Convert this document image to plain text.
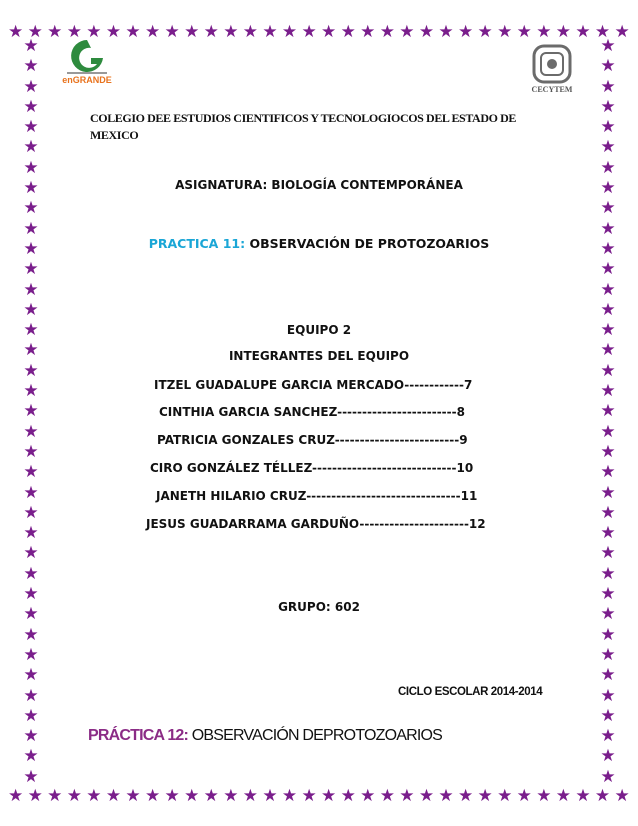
★ ★ ★ ★ ★ ★ ★ ★ ★ ★ ★ ★ ★ ★ ★ ★ ★ ★ ★ ★ ★ ★ ★ ★ ★ ★ ★ ★ ★ ★ ★ ★
★ ★ ★ ★ ★ ★ ★ ★ ★ ★ ★ ★ ★ ★ ★ ★ ★ ★ ★ ★ ★ ★ ★ ★ ★ ★ ★ ★ ★ ★ ★ ★
★
★
★
★
★
★
★
★
★
★
★
★
★
★
★
★
★
★
★
★
★
★
★
★
★
★
★
★
★
★
★
★
★
★
★
★
★
★
★
★
★
★
★
★
★
★
★
★
★
★
★
★
★
★
★
★
★
★
★
★
★
★
★
★
★
★
★
★
★
★
★
★
★
★
enGRANDE
CECYTEM
COLEGIO DEE ESTUDIOS CIENTIFICOS Y TECNOLOGIOCOS DEL ESTADO DE MEXICO
ASIGNATURA: BIOLOGÍA CONTEMPORÁNEA
PRACTICA 11: OBSERVACIÓN DE PROTOZOARIOS
EQUIPO 2
INTEGRANTES DEL EQUIPO
ITZEL GUADALUPE GARCIA MERCADO------------7
CINTHIA GARCIA SANCHEZ------------------------8
PATRICIA GONZALES CRUZ-------------------------9
CIRO GONZÁLEZ TÉLLEZ-----------------------------10
JANETH HILARIO CRUZ-------------------------------11
JESUS GUADARRAMA GARDUÑO----------------------12
GRUPO: 602
CICLO ESCOLAR 2014-2014
PRÁCTICA 12: OBSERVACIÓN DEPROTOZOARIOS
